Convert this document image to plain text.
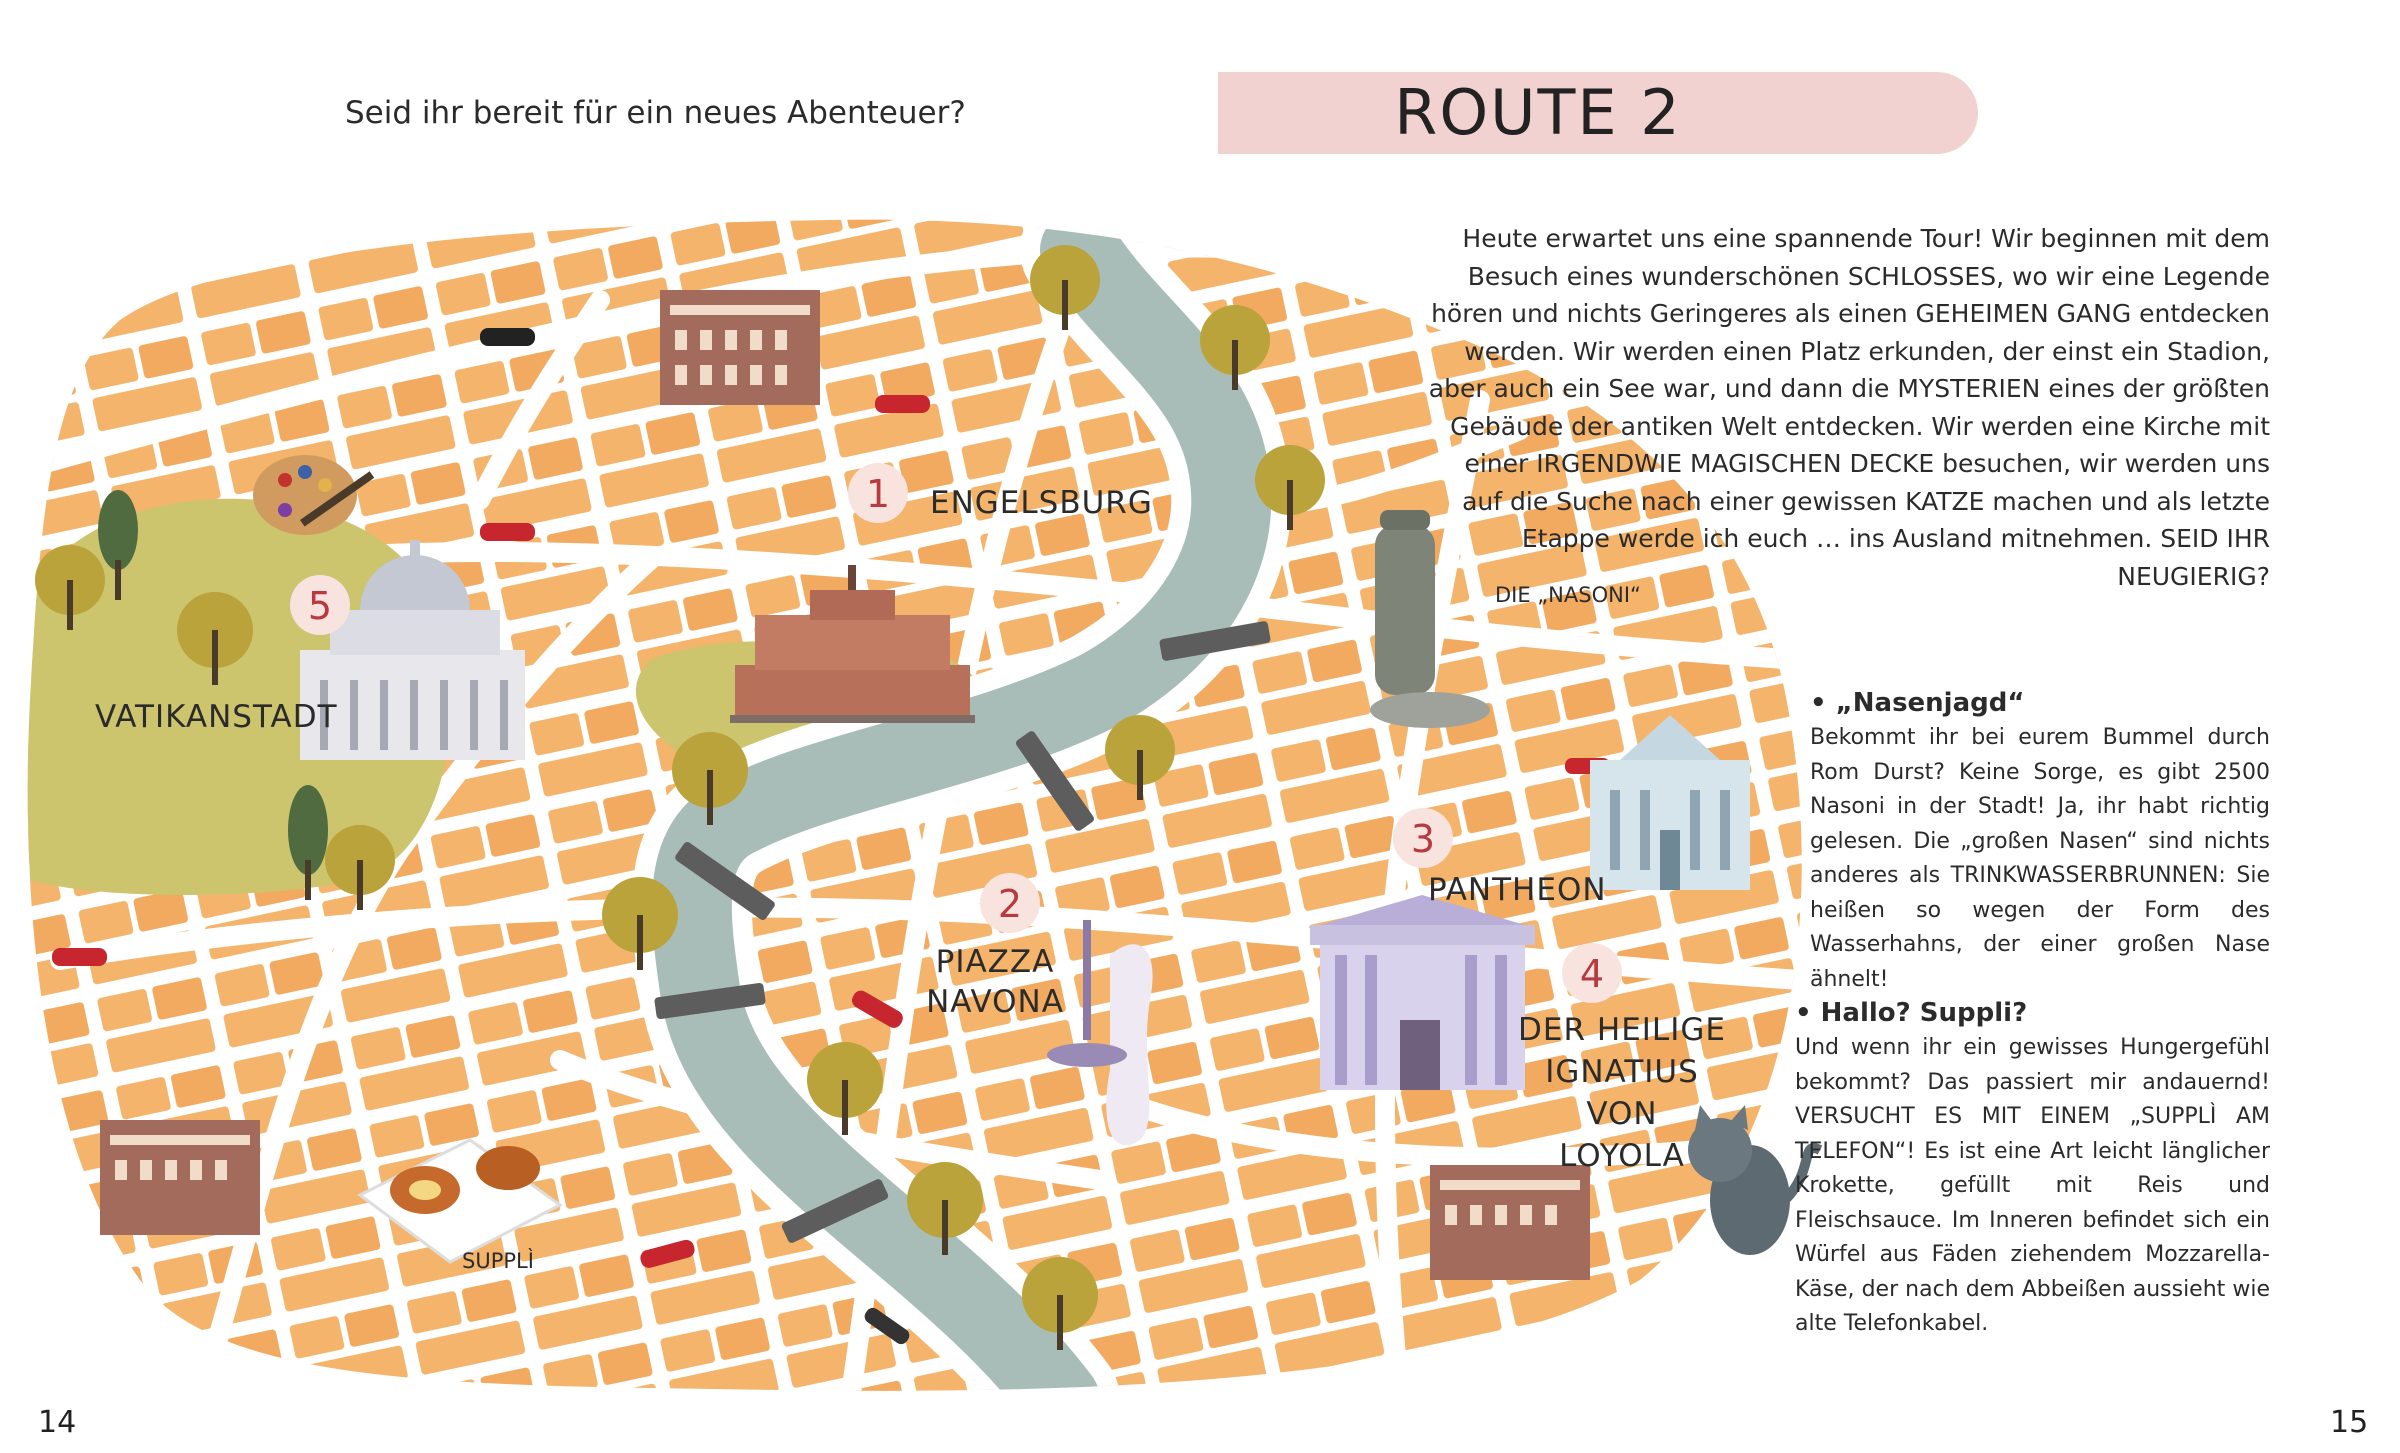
Seid ihr bereit für ein neues Abenteuer?	ROUTE 2
1
2
3
4
5
ENGELSBURG
PIAZZA
NAVONA
PANTHEON
DER HEILIGE
IGNATIUS
VON
LOYOLA
VATIKANSTADT
DIE „NASONI“
SUPPLÌ
Heute erwartet uns eine spannende Tour! Wir beginnen mit dem Besuch eines wunderschönen SCHLOSSES, wo wir eine Legende hören und nichts Geringeres als einen GEHEIMEN GANG entdecken werden. Wir werden einen Platz erkunden, der einst ein Stadion, aber auch ein See war, und dann die MYSTERIEN eines der größten Gebäude der antiken Welt entdecken. Wir werden eine Kirche mit einer IRGENDWIE MAGISCHEN DECKE besuchen, wir werden uns auf die Suche nach einer gewissen KATZE machen und als letzte Etappe werde ich euch … ins Ausland mitnehmen. SEID IHR NEUGIERIG?
• „Nasenjagd“
Bekommt ihr bei eurem Bummel durch Rom Durst? Keine Sorge, es gibt 2500 Nasoni in der Stadt! Ja, ihr habt richtig gelesen. Die „großen Nasen“ sind nichts anderes als TRINKWASSERBRUNNEN: Sie heißen so wegen der Form des Wasserhahns, der einer großen Nase ähnelt!
• Hallo? Suppli?
Und wenn ihr ein gewisses Hungergefühl bekommt? Das passiert mir andauernd! VERSUCHT ES MIT EINEM „SUPPLÌ AM TELEFON“! Es ist eine Art leicht länglicher Krokette, gefüllt mit Reis und Fleischsauce. Im Inneren befindet sich ein Würfel aus Fäden ziehendem Mozzarella-Käse, der nach dem Abbeißen aussieht wie alte Telefonkabel.
14	15
